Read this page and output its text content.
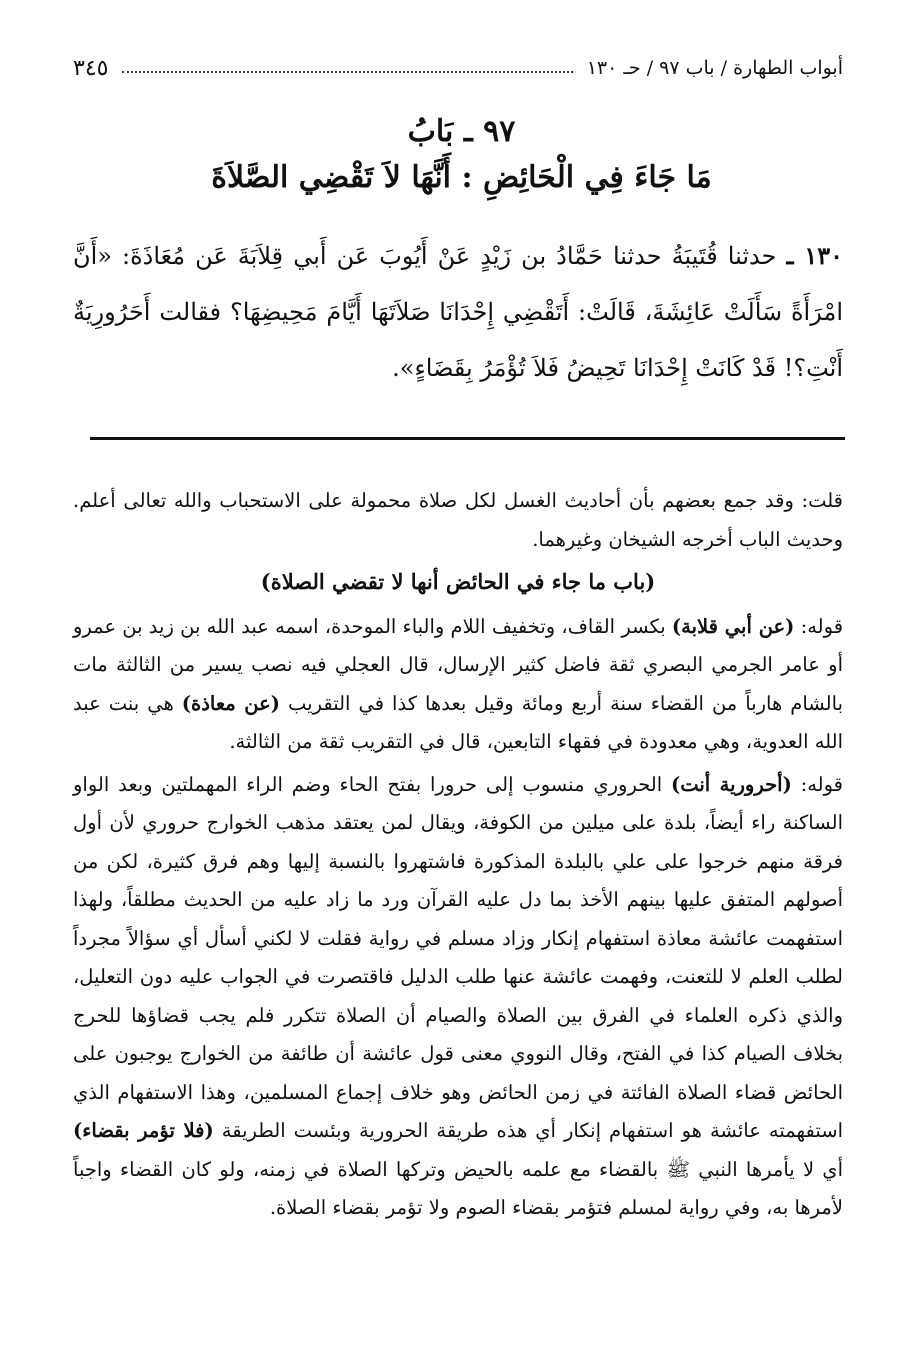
أبواب الطهارة / باب ٩٧ / حـ ١٣٠
٣٤٥
٩٧ ـ بَابُ
مَا جَاءَ فِي الْحَائِضِ : أَنَّهَا لاَ تَقْضِي الصَّلاَةَ
١٣٠ ـ حدثنا قُتَيبَةُ حدثنا حَمَّادُ بن زَيْدٍ عَنْ أَيُوبَ عَن أَبي قِلاَبَةَ عَن مُعَاذَةَ: «أَنَّ امْرَأَةً سَأَلَتْ عَائِشَةَ، قَالَتْ: أَتَقْضِي إِحْدَانَا صَلاَتَهَا أَيَّامَ مَحِيضِهَا؟ فقالت أَحَرُورِيَةٌ أَنْتِ؟! قَدْ كَانَتْ إِحْدَانَا تَحِيضُ فَلاَ تُؤْمَرُ بِقَضَاءٍ».

قلت: وقد جمع بعضهم بأن أحاديث الغسل لكل صلاة محمولة على الاستحباب والله تعالى أعلم. وحديث الباب أخرجه الشيخان وغيرهما.

(باب ما جاء في الحائض أنها لا تقضي الصلاة)

قوله: (عن أبي قلابة) بكسر القاف، وتخفيف اللام والباء الموحدة، اسمه عبد الله بن زيد بن عمرو أو عامر الجرمي البصري ثقة فاضل كثير الإرسال، قال العجلي فيه نصب يسير من الثالثة مات بالشام هارباً من القضاء سنة أربع ومائة وقيل بعدها كذا في التقريب (عن معاذة) هي بنت عبد الله العدوية، وهي معدودة في فقهاء التابعين، قال في التقريب ثقة من الثالثة.

قوله: (أحرورية أنت) الحروري منسوب إلى حرورا بفتح الحاء وضم الراء المهملتين وبعد الواو الساكنة راء أيضاً، بلدة على ميلين من الكوفة، ويقال لمن يعتقد مذهب الخوارج حروري لأن أول فرقة منهم خرجوا على علي بالبلدة المذكورة فاشتهروا بالنسبة إليها وهم فرق كثيرة، لكن من أصولهم المتفق عليها بينهم الأخذ بما دل عليه القرآن ورد ما زاد عليه من الحديث مطلقاً، ولهذا استفهمت عائشة معاذة استفهام إنكار وزاد مسلم في رواية فقلت لا لكني أسأل أي سؤالاً مجرداً لطلب العلم لا للتعنت، وفهمت عائشة عنها طلب الدليل فاقتصرت في الجواب عليه دون التعليل، والذي ذكره العلماء في الفرق بين الصلاة والصيام أن الصلاة تتكرر فلم يجب قضاؤها للحرج بخلاف الصيام كذا في الفتح، وقال النووي معنى قول عائشة أن طائفة من الخوارج يوجبون على الحائض قضاء الصلاة الفائتة في زمن الحائض وهو خلاف إجماع المسلمين، وهذا الاستفهام الذي استفهمته عائشة هو استفهام إنكار أي هذه طريقة الحرورية وبئست الطريقة (فلا تؤمر بقضاء) أي لا يأمرها النبي ﷺ بالقضاء مع علمه بالحيض وتركها الصلاة في زمنه، ولو كان القضاء واجباً لأمرها به، وفي رواية لمسلم فتؤمر بقضاء الصوم ولا تؤمر بقضاء الصلاة.
